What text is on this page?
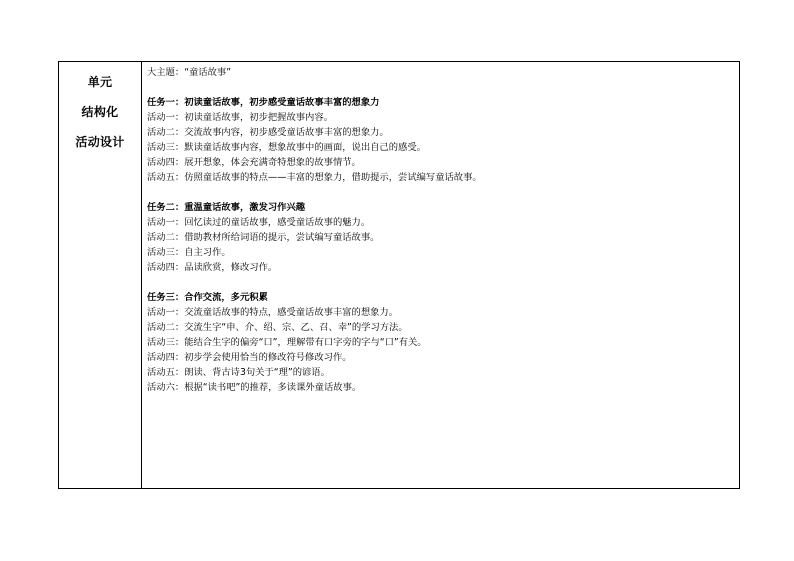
单元
结构化
活动设计
大主题：“童话故事”
任务一：初读童话故事，初步感受童话故事丰富的想象力
活动一：初读童话故事，初步把握故事内容。
活动二：交流故事内容，初步感受童话故事丰富的想象力。
活动三：默读童话故事内容，想象故事中的画面，说出自己的感受。
活动四：展开想象，体会充满奇特想象的故事情节。
活动五：仿照童话故事的特点——丰富的想象力，借助提示，尝试编写童话故事。
任务二：重温童话故事，激发习作兴趣
活动一：回忆读过的童话故事，感受童话故事的魅力。
活动二：借助教材所给词语的提示，尝试编写童话故事。
活动三：自主习作。
活动四：品读欣赏，修改习作。
任务三：合作交流，多元积累
活动一：交流童话故事的特点，感受童话故事丰富的想象力。
活动二：交流生字“申、介、绍、宗、乙、召、幸”的学习方法。
活动三：能结合生字的偏旁“口”，理解带有口字旁的字与“口”有关。
活动四：初步学会使用恰当的修改符号修改习作。
活动五：朗读、背古诗3句关于“理”的谚语。
活动六：根据“读书吧”的推荐，多读课外童话故事。
